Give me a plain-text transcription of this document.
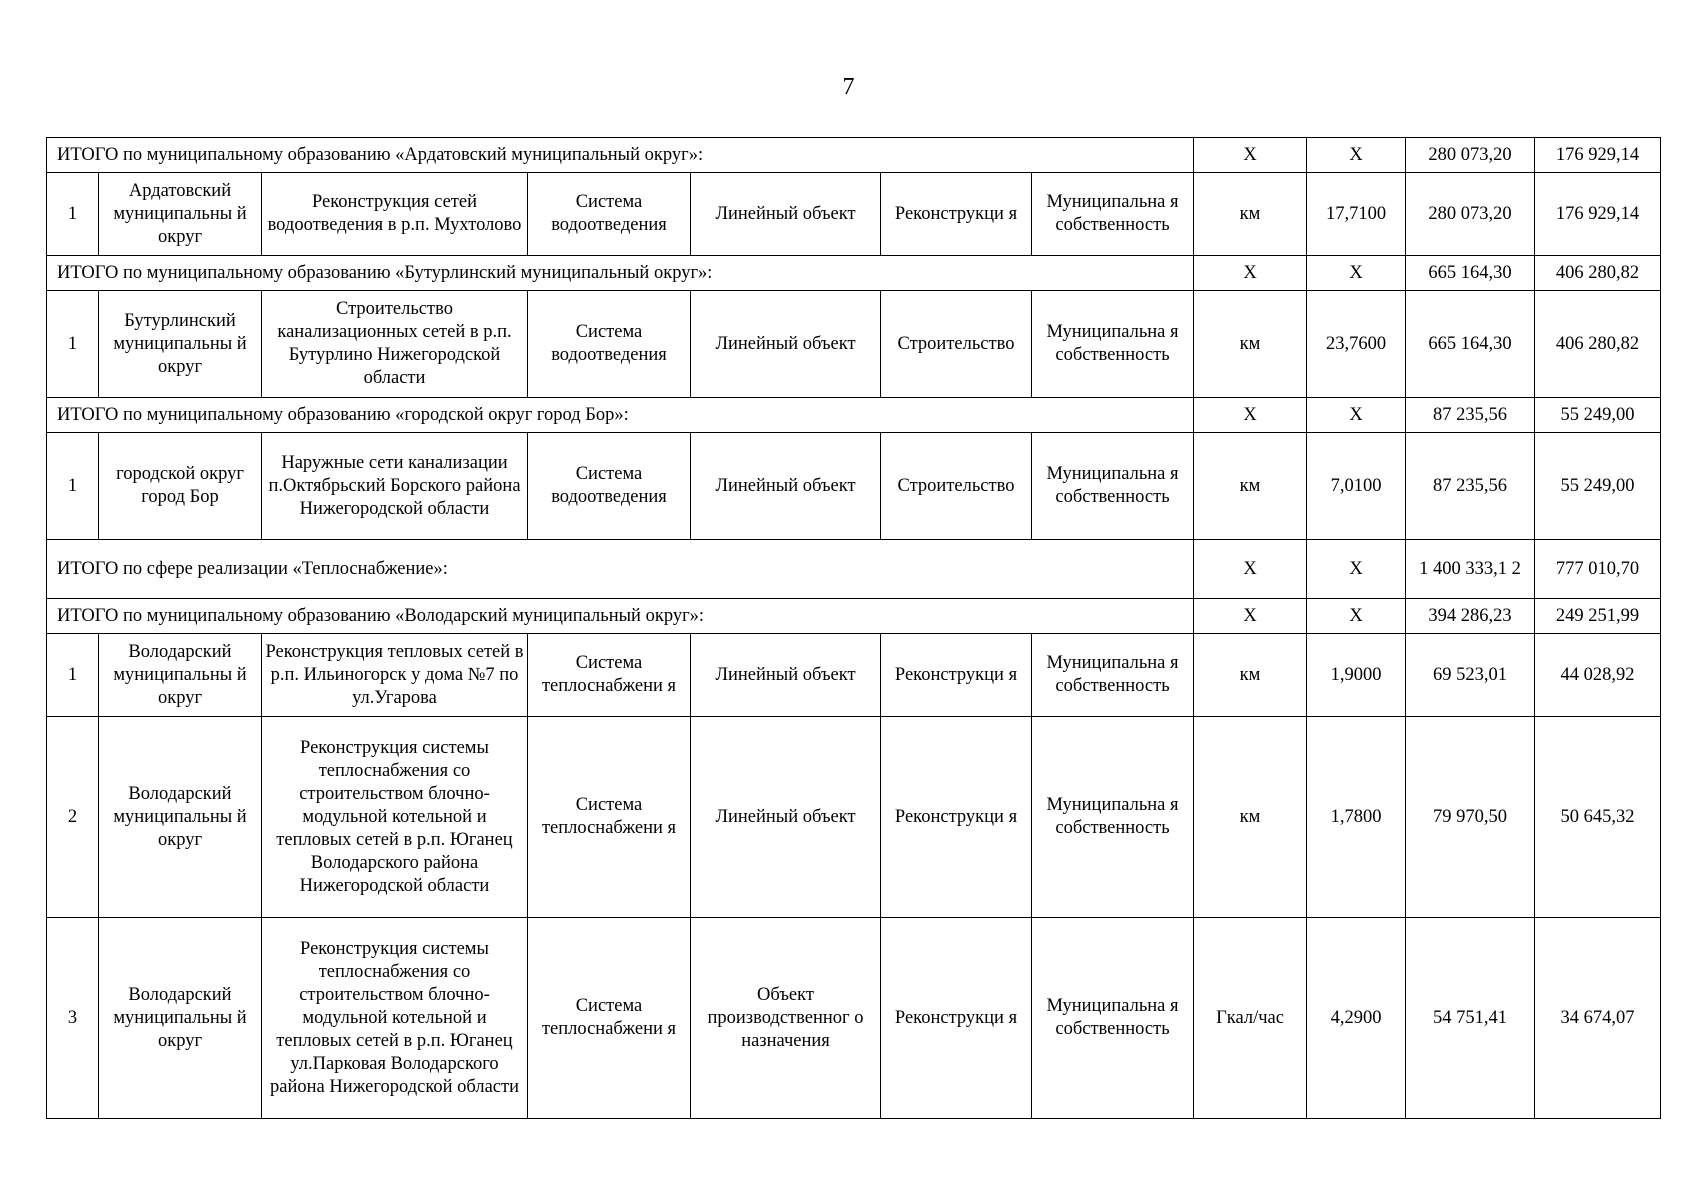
7
ИТОГО по муниципальному образованию «Ардатовский муниципальный округ»:							X	X	280 073,20	176 929,14
1	Ардатовский муниципальны й округ	Реконструкция сетей водоотведения в р.п. Мухтолово	Система водоотведения	Линейный объект	Реконструкци я	Муниципальна я собственность	км	17,7100	280 073,20	176 929,14
ИТОГО по муниципальному образованию «Бутурлинский муниципальный округ»:							X	X	665 164,30	406 280,82
1	Бутурлинский муниципальны й округ	Строительство канализационных сетей в р.п. Бутурлино Нижегородской области	Система водоотведения	Линейный объект	Строительство	Муниципальна я собственность	км	23,7600	665 164,30	406 280,82
ИТОГО по муниципальному образованию «городской округ город Бор»:							X	X	87 235,56	55 249,00
1	городской округ город Бор	Наружные сети канализации п.Октябрьский Борского района Нижегородской области	Система водоотведения	Линейный объект	Строительство	Муниципальна я собственность	км	7,0100	87 235,56	55 249,00
ИТОГО по сфере реализации «Теплоснабжение»:							X	X	1 400 333,1 2	777 010,70
ИТОГО по муниципальному образованию «Володарский муниципальный округ»:							X	X	394 286,23	249 251,99
1	Володарский муниципальны й округ	Реконструкция тепловых сетей в р.п. Ильиногорск у дома №7 по ул.Угарова	Система теплоснабжени я	Линейный объект	Реконструкци я	Муниципальна я собственность	км	1,9000	69 523,01	44 028,92
2	Володарский муниципальны й округ	Реконструкция системы теплоснабжения со строительством блочно-модульной котельной и тепловых сетей в р.п. Юганец Володарского района Нижегородской области	Система теплоснабжени я	Линейный объект	Реконструкци я	Муниципальна я собственность	км	1,7800	79 970,50	50 645,32
3	Володарский муниципальны й округ	Реконструкция системы теплоснабжения со строительством блочно-модульной котельной и тепловых сетей в р.п. Юганец ул.Парковая Володарского района Нижегородской области	Система теплоснабжени я	Объект производственног о назначения	Реконструкци я	Муниципальна я собственность	Гкал/час	4,2900	54 751,41	34 674,07
